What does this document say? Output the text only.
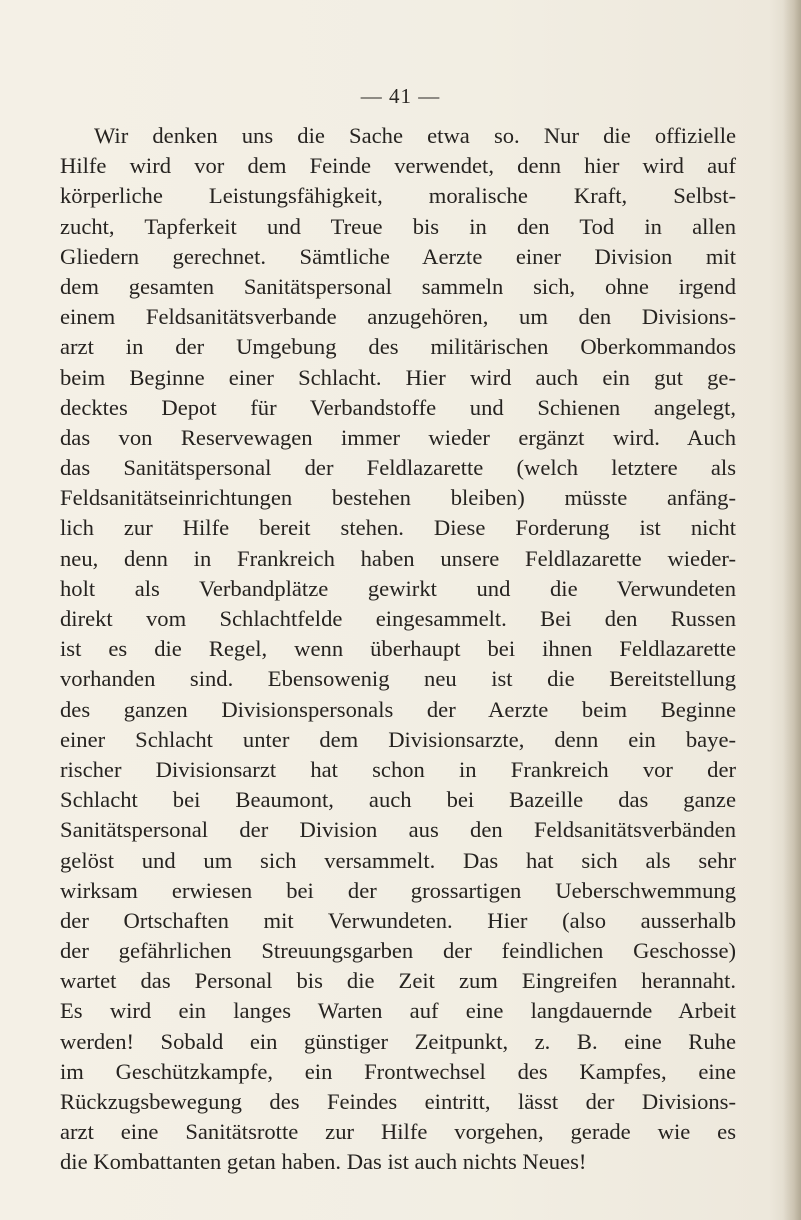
— 41 —
Wir denken uns die Sache etwa so. Nur die offizielle
Hilfe wird vor dem Feinde verwendet, denn hier wird auf
körperliche Leistungsfähigkeit, moralische Kraft, Selbst-
zucht, Tapferkeit und Treue bis in den Tod in allen
Gliedern gerechnet. Sämtliche Aerzte einer Division mit
dem gesamten Sanitätspersonal sammeln sich, ohne irgend
einem Feldsanitätsverbande anzugehören, um den Divisions-
arzt in der Umgebung des militärischen Oberkommandos
beim Beginne einer Schlacht. Hier wird auch ein gut ge-
decktes Depot für Verbandstoffe und Schienen angelegt,
das von Reservewagen immer wieder ergänzt wird. Auch
das Sanitätspersonal der Feldlazarette (welch letztere als
Feldsanitätseinrichtungen bestehen bleiben) müsste anfäng-
lich zur Hilfe bereit stehen. Diese Forderung ist nicht
neu, denn in Frankreich haben unsere Feldlazarette wieder-
holt als Verbandplätze gewirkt und die Verwundeten
direkt vom Schlachtfelde eingesammelt. Bei den Russen
ist es die Regel, wenn überhaupt bei ihnen Feldlazarette
vorhanden sind. Ebensowenig neu ist die Bereitstellung
des ganzen Divisionspersonals der Aerzte beim Beginne
einer Schlacht unter dem Divisionsarzte, denn ein baye-
rischer Divisionsarzt hat schon in Frankreich vor der
Schlacht bei Beaumont, auch bei Bazeille das ganze
Sanitätspersonal der Division aus den Feldsanitätsverbänden
gelöst und um sich versammelt. Das hat sich als sehr
wirksam erwiesen bei der grossartigen Ueberschwemmung
der Ortschaften mit Verwundeten. Hier (also ausserhalb
der gefährlichen Streuungsgarben der feindlichen Geschosse)
wartet das Personal bis die Zeit zum Eingreifen herannaht.
Es wird ein langes Warten auf eine langdauernde Arbeit
werden! Sobald ein günstiger Zeitpunkt, z. B. eine Ruhe
im Geschützkampfe, ein Frontwechsel des Kampfes, eine
Rückzugsbewegung des Feindes eintritt, lässt der Divisions-
arzt eine Sanitätsrotte zur Hilfe vorgehen, gerade wie es
die Kombattanten getan haben. Das ist auch nichts Neues!
